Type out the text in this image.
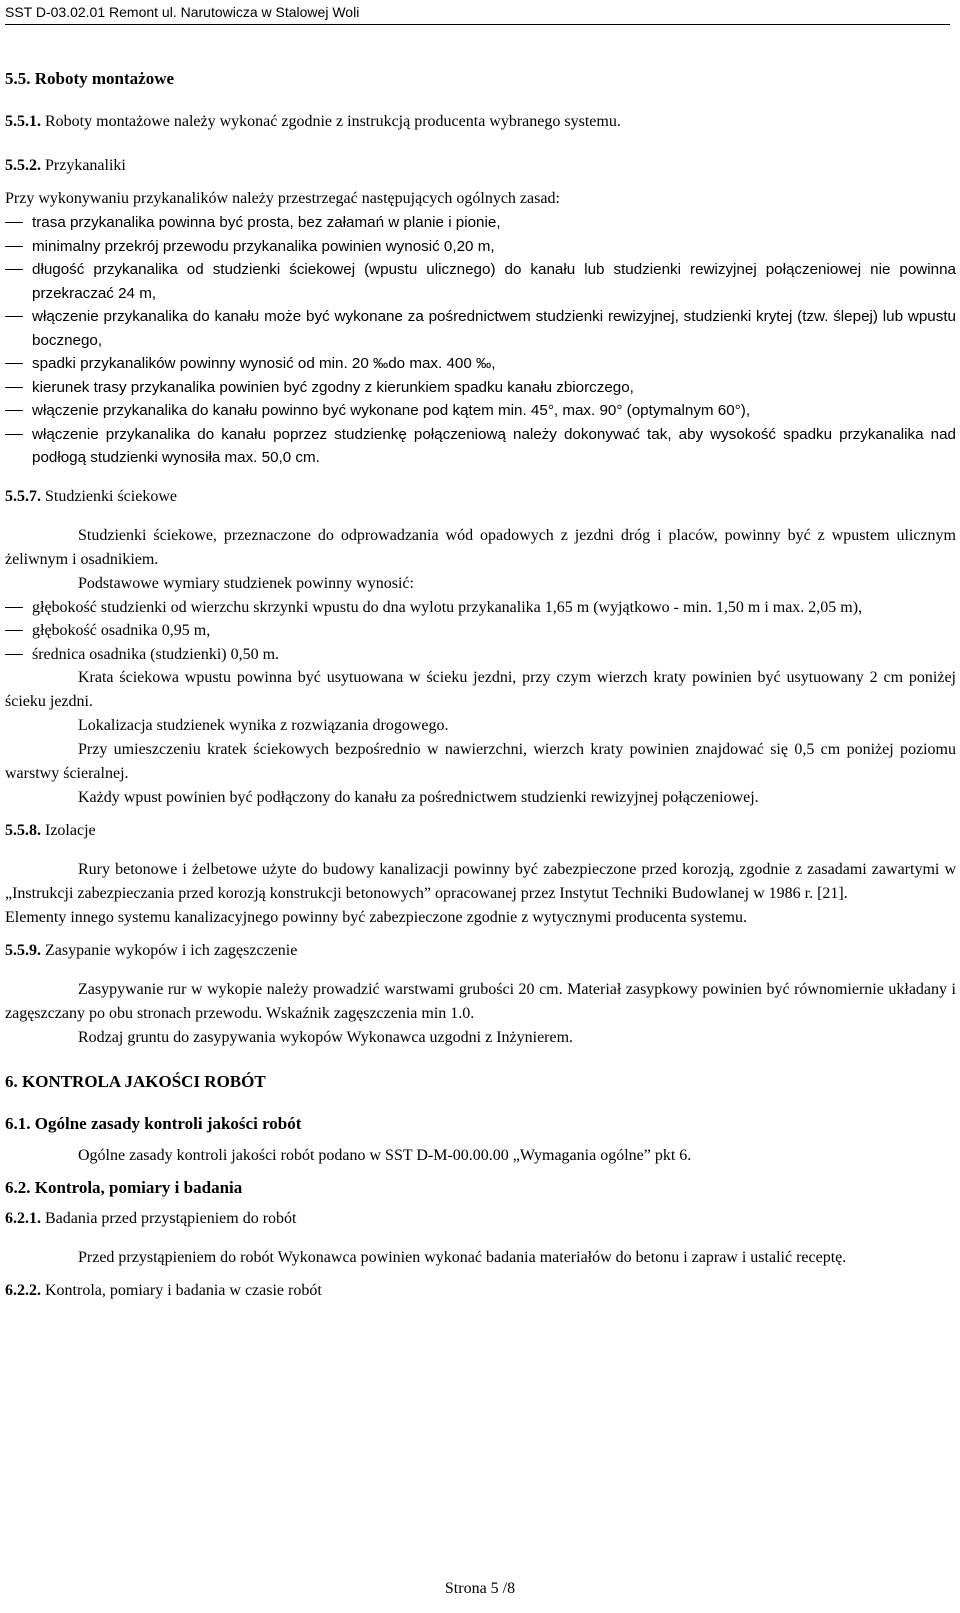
SST D-03.02.01 Remont ul. Narutowicza w Stalowej Woli
5.5. Roboty montażowe
5.5.1. Roboty montażowe należy wykonać zgodnie z instrukcją producenta wybranego systemu.
5.5.2. Przykanaliki

Przy wykonywaniu przykanalików należy przestrzegać następujących ogólnych zasad:

trasa przykanalika powinna być prosta, bez załamań w planie i pionie,
minimalny przekrój przewodu przykanalika powinien wynosić 0,20 m,
długość przykanalika od studzienki ściekowej (wpustu ulicznego) do kanału lub studzienki rewizyjnej połączeniowej nie powinna przekraczać 24 m,
włączenie przykanalika do kanału może być wykonane za pośrednictwem studzienki rewizyjnej, studzienki krytej (tzw. ślepej) lub wpustu bocznego,
spadki przykanalików powinny wynosić od min. 20 ‰do max. 400 ‰,
kierunek trasy przykanalika powinien być zgodny z kierunkiem spadku kanału zbiorczego,
włączenie przykanalika do kanału powinno być wykonane pod kątem min. 45°, max. 90° (optymalnym 60°),
włączenie przykanalika do kanału poprzez studzienkę połączeniową należy dokonywać tak, aby wysokość spadku przykanalika nad podłogą studzienki wynosiła max. 50,0 cm.
5.5.7. Studzienki ściekowe

Studzienki ściekowe, przeznaczone do odprowadzania wód opadowych z jezdni dróg i placów, powinny być z wpustem ulicznym żeliwnym i osadnikiem.

Podstawowe wymiary studzienek powinny wynosić:

głębokość studzienki od wierzchu skrzynki wpustu do dna wylotu przykanalika 1,65 m (wyjątkowo - min. 1,50 m i max. 2,05 m),
głębokość osadnika 0,95 m,
średnica osadnika (studzienki) 0,50 m.

Krata ściekowa wpustu powinna być usytuowana w ścieku jezdni, przy czym wierzch kraty powinien być usytuowany 2 cm poniżej ścieku jezdni.

Lokalizacja studzienek wynika z rozwiązania drogowego.

Przy umieszczeniu kratek ściekowych bezpośrednio w nawierzchni, wierzch kraty powinien znajdować się 0,5 cm poniżej poziomu warstwy ścieralnej.

Każdy wpust powinien być podłączony do kanału za pośrednictwem studzienki rewizyjnej połączeniowej.

5.5.8. Izolacje

Rury betonowe i żelbetowe użyte do budowy kanalizacji powinny być zabezpieczone przed korozją, zgodnie z zasadami zawartymi w „Instrukcji zabezpieczania przed korozją konstrukcji betonowych” opracowanej przez Instytut Techniki Budowlanej w 1986 r. [21].

Elementy innego systemu kanalizacyjnego powinny być zabezpieczone zgodnie z wytycznymi producenta systemu.

5.5.9. Zasypanie wykopów i ich zagęszczenie

Zasypywanie rur w wykopie należy prowadzić warstwami grubości 20 cm. Materiał zasypkowy powinien być równomiernie układany i zagęszczany po obu stronach przewodu. Wskaźnik zagęszczenia min 1.0.

Rodzaj gruntu do zasypywania wykopów Wykonawca uzgodni z Inżynierem.

6. KONTROLA JAKOŚCI ROBÓT
6.1. Ogólne zasady kontroli jakości robót

Ogólne zasady kontroli jakości robót podano w SST D-M-00.00.00 „Wymagania ogólne” pkt 6.

6.2. Kontrola, pomiary i badania
6.2.1. Badania przed przystąpieniem do robót

Przed przystąpieniem do robót Wykonawca powinien wykonać badania materiałów do betonu i zapraw i ustalić receptę.

6.2.2. Kontrola, pomiary i badania w czasie robót
Strona 5 /8
